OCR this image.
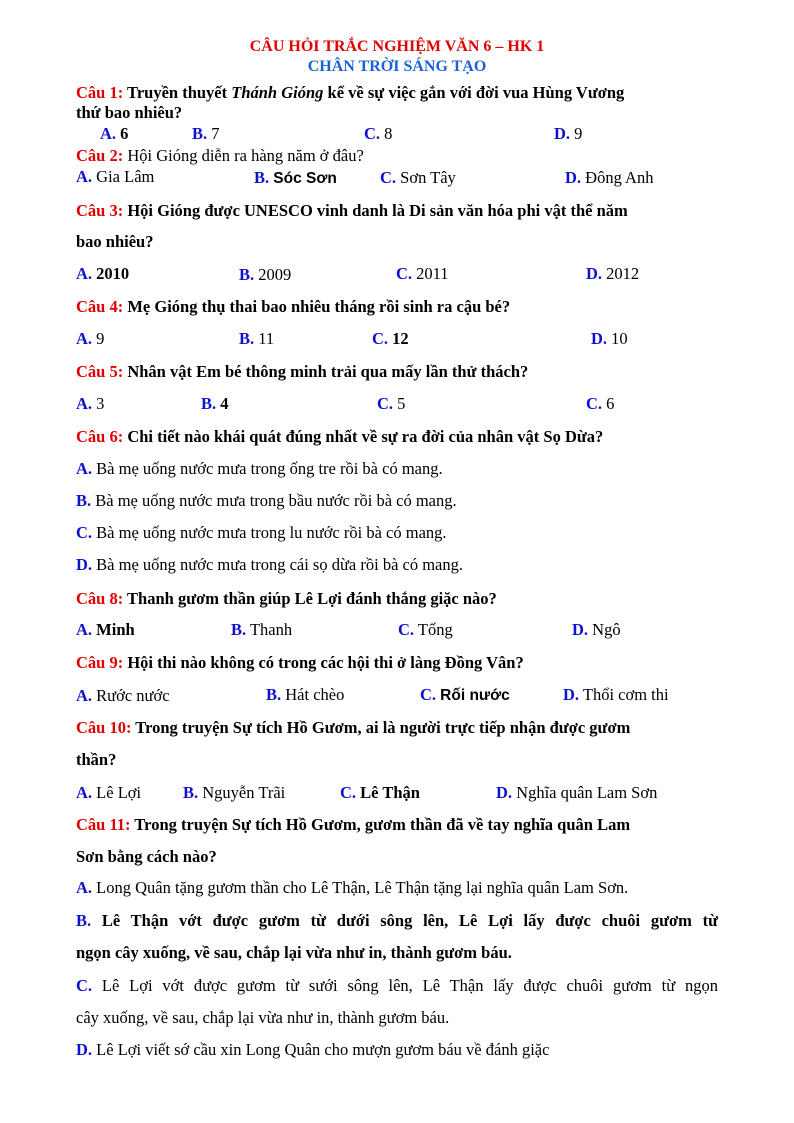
CÂU HỎI TRẮC NGHIỆM VĂN 6 – HK 1
CHÂN TRỜI SÁNG TẠO
Câu 1: Truyền thuyết Thánh Gióng kể về sự việc gắn với đời vua Hùng Vương
thứ bao nhiêu?
A. 6	B. 7	C. 8	D. 9
Câu 2: Hội Gióng diễn ra hàng năm ở đâu?
A. Gia Lâm	B. Sóc Sơn	C. Sơn Tây	D. Đông Anh
Câu 3: Hội Gióng được UNESCO vinh danh là Di sản văn hóa phi vật thể năm
bao nhiêu?
A. 2010	B. 2009	C. 2011	D. 2012
Câu 4: Mẹ Gióng thụ thai bao nhiêu tháng rồi sinh ra cậu bé?
A. 9	B. 11	C. 12	D. 10
Câu 5: Nhân vật Em bé thông minh trải qua mấy lần thử thách?
A. 3	B. 4	C. 5	C. 6
Câu 6: Chi tiết nào khái quát đúng nhất về sự ra đời của nhân vật Sọ Dừa?
A. Bà mẹ uống nước mưa trong ống tre rồi bà có mang.
B. Bà mẹ uống nước mưa trong bầu nước rồi bà có mang.
C. Bà mẹ uống nước mưa trong lu nước rồi bà có mang.
D. Bà mẹ uống nước mưa trong cái sọ dừa rồi bà có mang.
Câu 8: Thanh gươm thần giúp Lê Lợi đánh thắng giặc nào?
A. Minh	B. Thanh	C. Tống	D. Ngô
Câu 9: Hội thi nào không có trong các hội thi ở làng Đồng Vân?
A. Rước nước	B. Hát chèo	C. Rối nước	D. Thổi cơm thi
Câu 10: Trong truyện Sự tích Hồ Gươm, ai là người trực tiếp nhận được gươm
thần?
A. Lê Lợi	B. Nguyễn Trãi	C. Lê Thận	D. Nghĩa quân Lam Sơn
Câu 11: Trong truyện Sự tích Hồ Gươm, gươm thần đã về tay nghĩa quân Lam
Sơn bằng cách nào?
A. Long Quân tặng gươm thần cho Lê Thận, Lê Thận tặng lại nghĩa quân Lam Sơn.
B. Lê Thận vớt được gươm từ dưới sông lên, Lê Lợi lấy được chuôi gươm từ
ngọn cây xuống, về sau, chắp lại vừa như in, thành gươm báu.
C. Lê Lợi vớt được gươm từ sưới sông lên, Lê Thận lấy được chuôi gươm từ ngọn
cây xuống, về sau, chắp lại vừa như in, thành gươm báu.
D. Lê Lợi viết sớ cầu xin Long Quân cho mượn gươm báu về đánh giặc
